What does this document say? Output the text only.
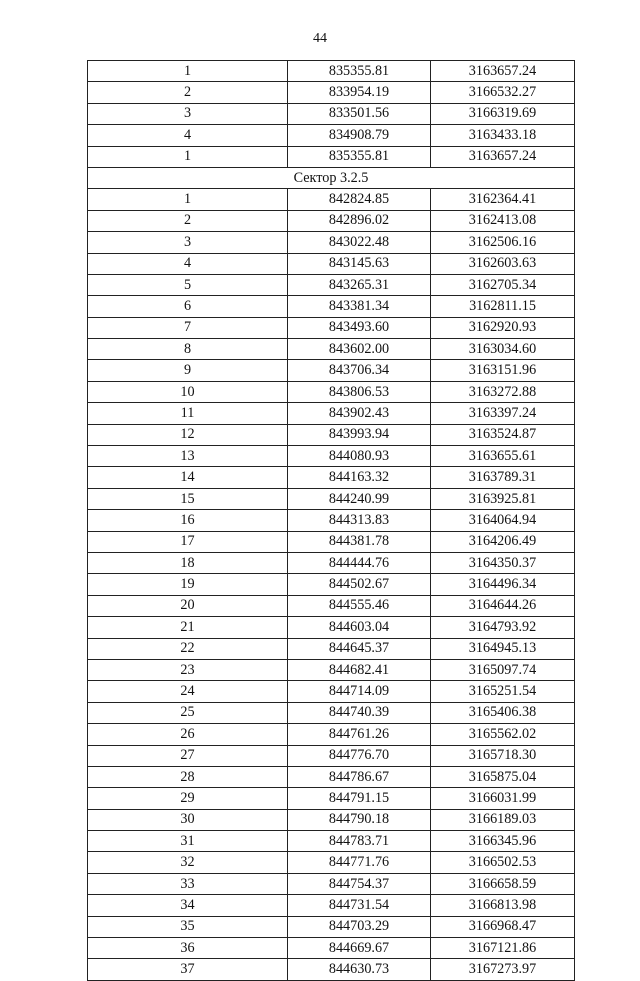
44
1	835355.81	3163657.24
2	833954.19	3166532.27
3	833501.56	3166319.69
4	834908.79	3163433.18
1	835355.81	3163657.24
Сектор 3.2.5		
1	842824.85	3162364.41
2	842896.02	3162413.08
3	843022.48	3162506.16
4	843145.63	3162603.63
5	843265.31	3162705.34
6	843381.34	3162811.15
7	843493.60	3162920.93
8	843602.00	3163034.60
9	843706.34	3163151.96
10	843806.53	3163272.88
11	843902.43	3163397.24
12	843993.94	3163524.87
13	844080.93	3163655.61
14	844163.32	3163789.31
15	844240.99	3163925.81
16	844313.83	3164064.94
17	844381.78	3164206.49
18	844444.76	3164350.37
19	844502.67	3164496.34
20	844555.46	3164644.26
21	844603.04	3164793.92
22	844645.37	3164945.13
23	844682.41	3165097.74
24	844714.09	3165251.54
25	844740.39	3165406.38
26	844761.26	3165562.02
27	844776.70	3165718.30
28	844786.67	3165875.04
29	844791.15	3166031.99
30	844790.18	3166189.03
31	844783.71	3166345.96
32	844771.76	3166502.53
33	844754.37	3166658.59
34	844731.54	3166813.98
35	844703.29	3166968.47
36	844669.67	3167121.86
37	844630.73	3167273.97
